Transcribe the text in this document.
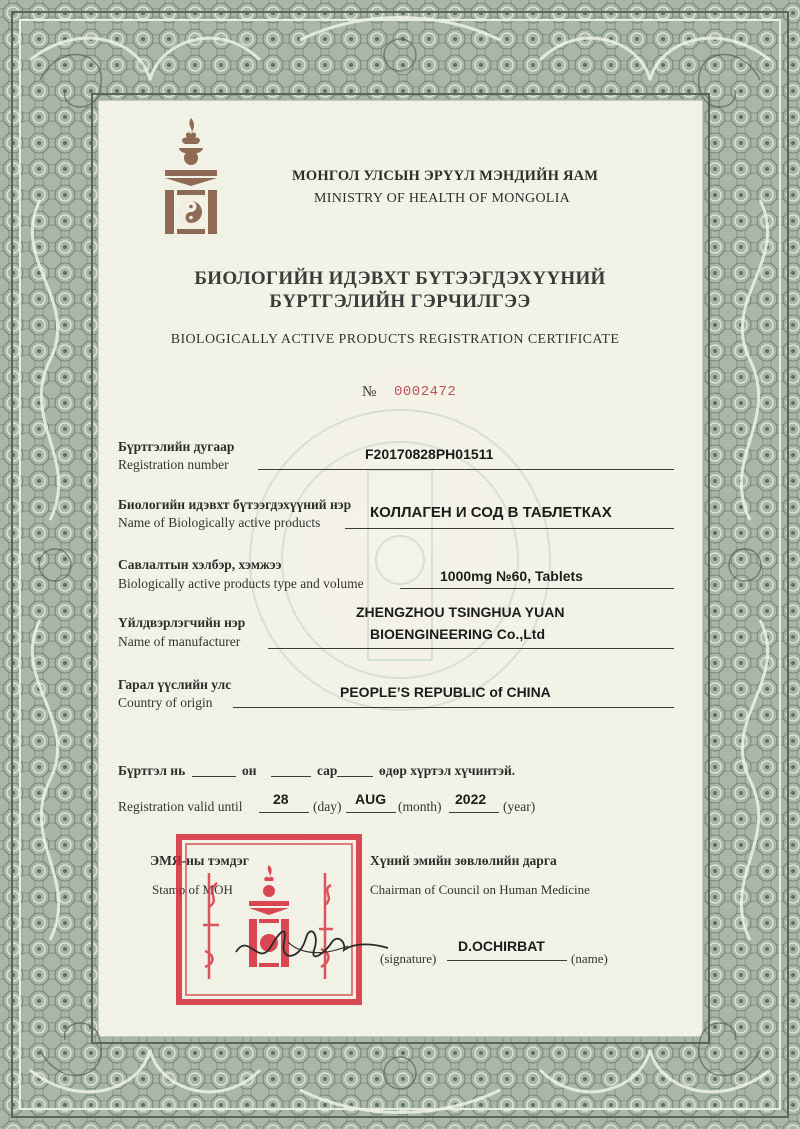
МОНГОЛ УЛСЫН ЭРҮҮЛ МЭНДИЙН ЯАМ
MINISTRY OF HEALTH OF MONGOLIA
БИОЛОГИЙН ИДЭВХТ БҮТЭЭГДЭХҮҮНИЙ
БҮРТГЭЛИЙН ГЭРЧИЛГЭЭ
BIOLOGICALLY ACTIVE PRODUCTS REGISTRATION CERTIFICATE
№ 0002472
Бүртгэлийн дугаар
Registration number
F20170828PH01511
Биологийн идэвхт бүтээгдэхүүний нэр
Name of Biologically active products
КОЛЛАГЕН И СОД В ТАБЛЕТКАХ
Савлалтын хэлбэр, хэмжээ
Biologically active products type and volume	1000mg №60, Tablets
Үйлдвэрлэгчийн нэр
Name of manufacturer
ZHENGZHOU TSINGHUA YUAN
BIOENGINEERING Co.,Ltd
Гарал үүслийн улс
Country of origin
PEOPLE’S REPUBLIC of CHINA
Бүртгэл нь	он	сар	өдөр хүртэл хүчинтэй.
Registration valid until 28 (day) AUG (month) 2022 (year)
ЭМЯ-ны тэмдэг
Stamp of MOH
Хүний эмийн зөвлөлийн дарга
Chairman of Council on Human Medicine
(signature)
D.OCHIRBAT
(name)
